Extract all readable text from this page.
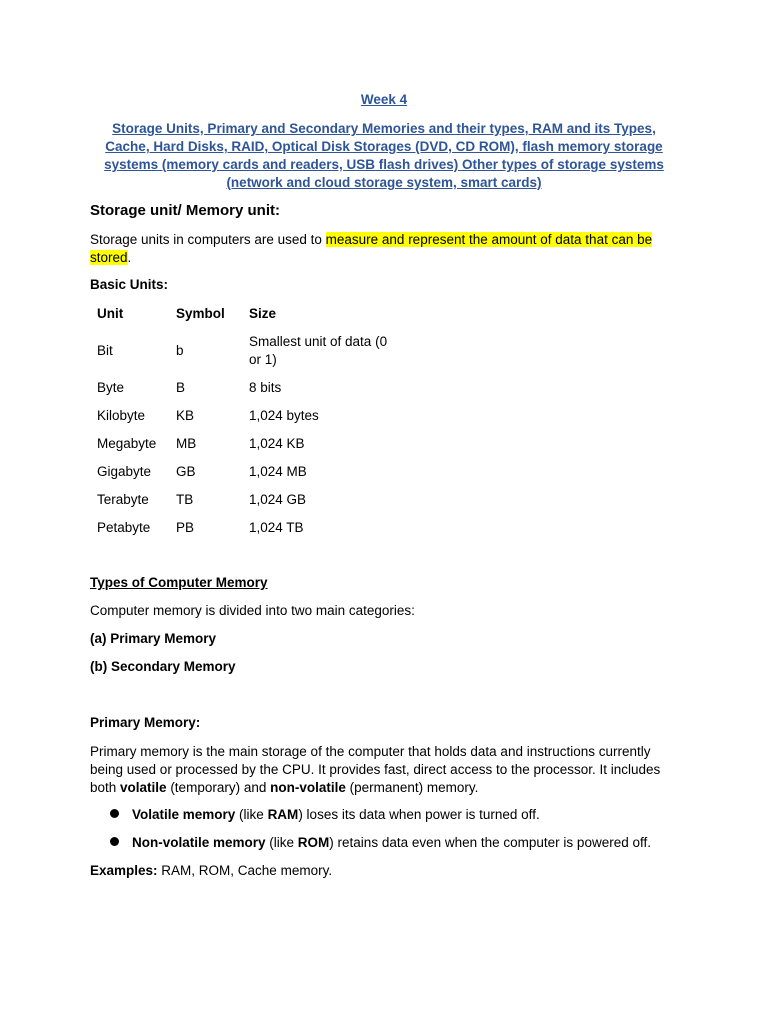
Week 4
Storage Units, Primary and Secondary Memories and their types, RAM and its Types, Cache, Hard Disks, RAID, Optical Disk Storages (DVD, CD ROM), flash memory storage systems (memory cards and readers, USB flash drives) Other types of storage systems (network and cloud storage system, smart cards)
Storage unit/ Memory unit:
Storage units in computers are used to measure and represent the amount of data that can be stored.
Basic Units:
Unit	Symbol	Size
Bit	b	Smallest unit of data (0 or 1)
Byte	B	8 bits
Kilobyte	KB	1,024 bytes
Megabyte	MB	1,024 KB
Gigabyte	GB	1,024 MB
Terabyte	TB	1,024 GB
Petabyte	PB	1,024 TB
Types of Computer Memory
Computer memory is divided into two main categories:
(a) Primary Memory
(b) Secondary Memory
Primary Memory:
Primary memory is the main storage of the computer that holds data and instructions currently being used or processed by the CPU. It provides fast, direct access to the processor. It includes both volatile (temporary) and non-volatile (permanent) memory.
Volatile memory (like RAM) loses its data when power is turned off.
Non-volatile memory (like ROM) retains data even when the computer is powered off.
Examples: RAM, ROM, Cache memory.
